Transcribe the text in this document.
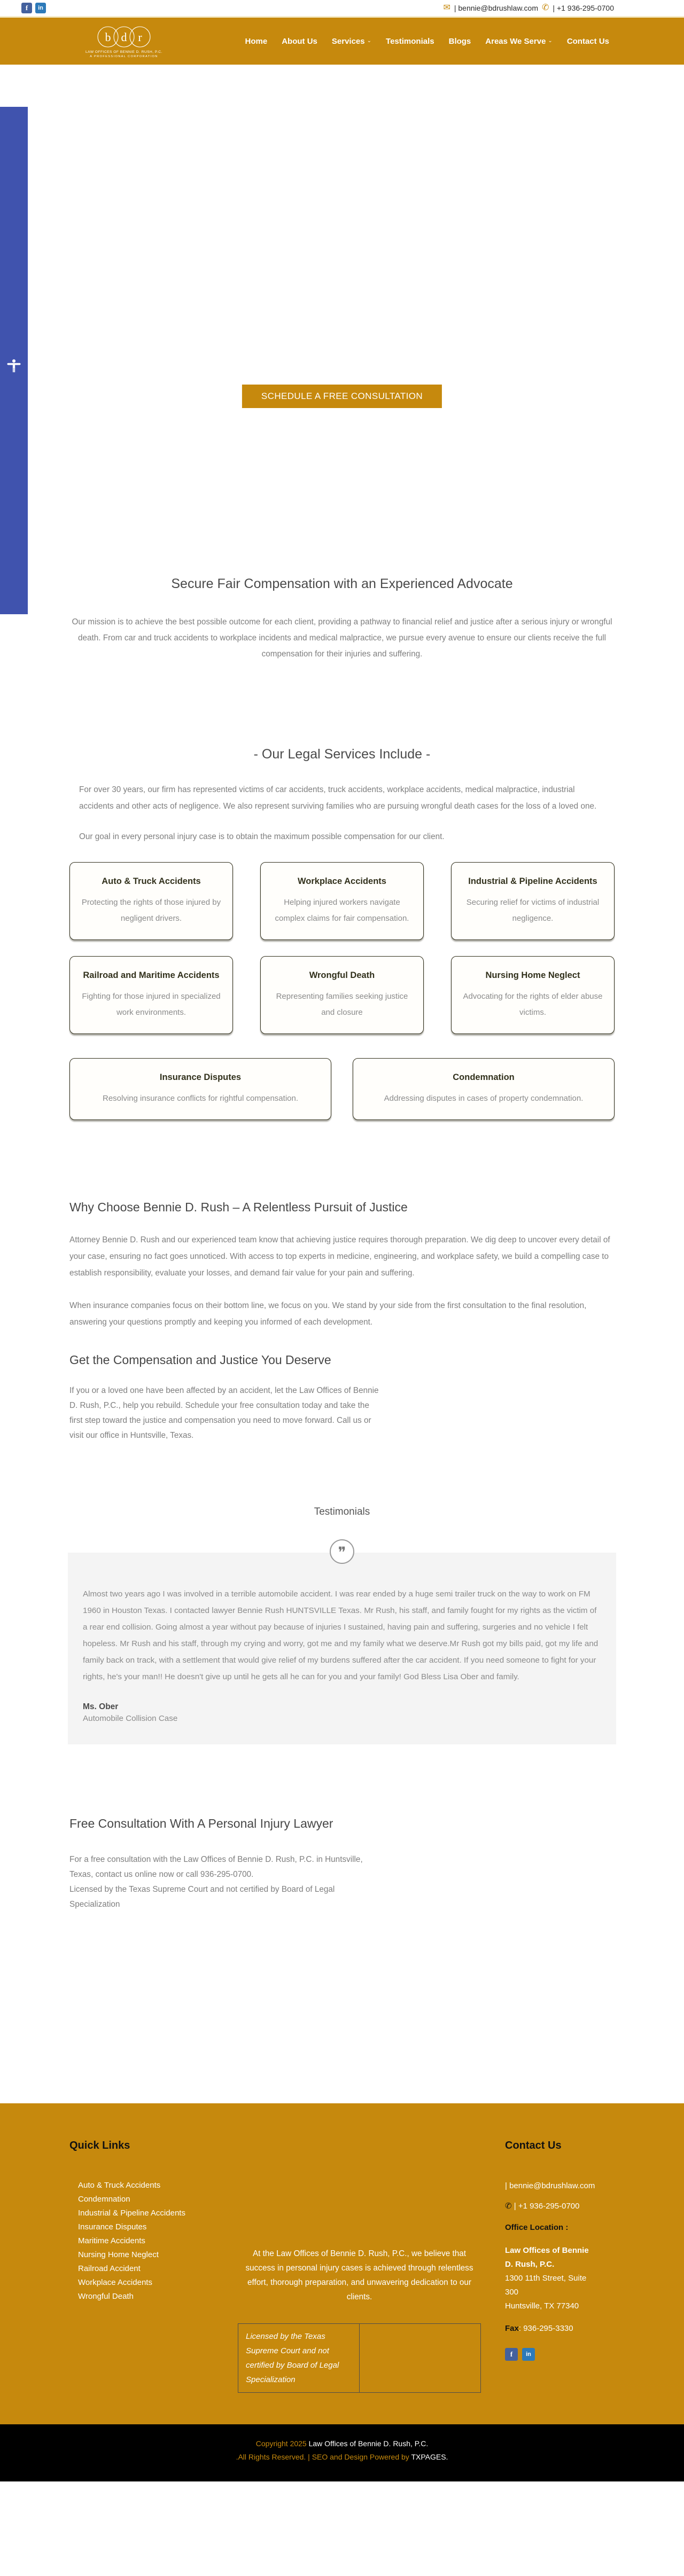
f in	✉ | bennie@bdrushlaw.com ✆ | +1 936-295-0700
b d r
LAW OFFICES OF BENNIE D. RUSH, P.C.
A PROFESSIONAL CORPORATION
Home About Us Services ⌄ Testimonials Blogs Areas We Serve ⌄ Contact Us
SCHEDULE A FREE CONSULTATION
Secure Fair Compensation with an Experienced Advocate

Our mission is to achieve the best possible outcome for each client, providing a pathway to financial relief and justice after a serious injury or wrongful death. From car and truck accidents to workplace incidents and medical malpractice, we pursue every avenue to ensure our clients receive the full compensation for their injuries and suffering.

- Our Legal Services Include -

For over 30 years, our firm has represented victims of car accidents, truck accidents, workplace accidents, medical malpractice, industrial accidents and other acts of negligence. We also represent surviving families who are pursuing wrongful death cases for the loss of a loved one.

Our goal in every personal injury case is to obtain the maximum possible compensation for our client.

Auto & Truck Accidents

Protecting the rights of those injured by negligent drivers.

Workplace Accidents

Helping injured workers navigate complex claims for fair compensation.

Industrial & Pipeline Accidents

Securing relief for victims of industrial negligence.

Railroad and Maritime Accidents

Fighting for those injured in specialized work environments.

Wrongful Death

Representing families seeking justice and closure

Nursing Home Neglect

Advocating for the rights of elder abuse victims.

Insurance Disputes

Resolving insurance conflicts for rightful compensation.

Condemnation

Addressing disputes in cases of property condemnation.

Why Choose Bennie D. Rush – A Relentless Pursuit of Justice

Attorney Bennie D. Rush and our experienced team know that achieving justice requires thorough preparation. We dig deep to uncover every detail of your case, ensuring no fact goes unnoticed. With access to top experts in medicine, engineering, and workplace safety, we build a compelling case to establish responsibility, evaluate your losses, and demand fair value for your pain and suffering.

When insurance companies focus on their bottom line, we focus on you. We stand by your side from the first consultation to the final resolution, answering your questions promptly and keeping you informed of each development.

Get the Compensation and Justice You Deserve

If you or a loved one have been affected by an accident, let the Law Offices of Bennie D. Rush, P.C., help you rebuild. Schedule your free consultation today and take the first step toward the justice and compensation you need to move forward. Call us or visit our office in Huntsville, Texas.

Testimonials
❞

Almost two years ago I was involved in a terrible automobile accident. I was rear ended by a huge semi trailer truck on the way to work on FM 1960 in Houston Texas. I contacted lawyer Bennie Rush HUNTSVILLE Texas. Mr Rush, his staff, and family fought for my rights as the victim of a rear end collision. Going almost a year without pay because of injuries I sustained, having pain and suffering, surgeries and no vehicle I felt hopeless. Mr Rush and his staff, through my crying and worry, got me and my family what we deserve.Mr Rush got my bills paid, got my life and family back on track, with a settlement that would give relief of my burdens suffered after the car accident. If you need someone to fight for your rights, he's your man!! He doesn't give up until he gets all he can for you and your family! God Bless Lisa Ober and family.

Ms. Ober

Automobile Collision Case

Free Consultation With A Personal Injury Lawyer

For a free consultation with the Law Offices of Bennie D. Rush, P.C. in Huntsville, Texas, contact us online now or call 936-295-0700.

Licensed by the Texas Supreme Court and not certified by Board of Legal Specialization

Quick Links
Auto & Truck Accidents
Condemnation
Industrial & Pipeline Accidents
Insurance Disputes
Maritime Accidents
Nursing Home Neglect
Railroad Accident
Workplace Accidents
Wrongful Death

At the Law Offices of Bennie D. Rush, P.C., we believe that success in personal injury cases is achieved through relentless effort, thorough preparation, and unwavering dedication to our clients.

Licensed by the Texas Supreme Court and not certified by Board of Legal Specialization
Contact Us
| bennie@bdrushlaw.com
✆ | +1 936-295-0700
Office Location :
Law Offices of Bennie D. Rush, P.C.
1300 11th Street, Suite 300
Huntsville, TX 77340
Fax: 936-295-3330
f in
Copyright 2025 Law Offices of Bennie D. Rush, P.C.
.All Rights Reserved. | SEO and Design Powered by TXPAGES.
